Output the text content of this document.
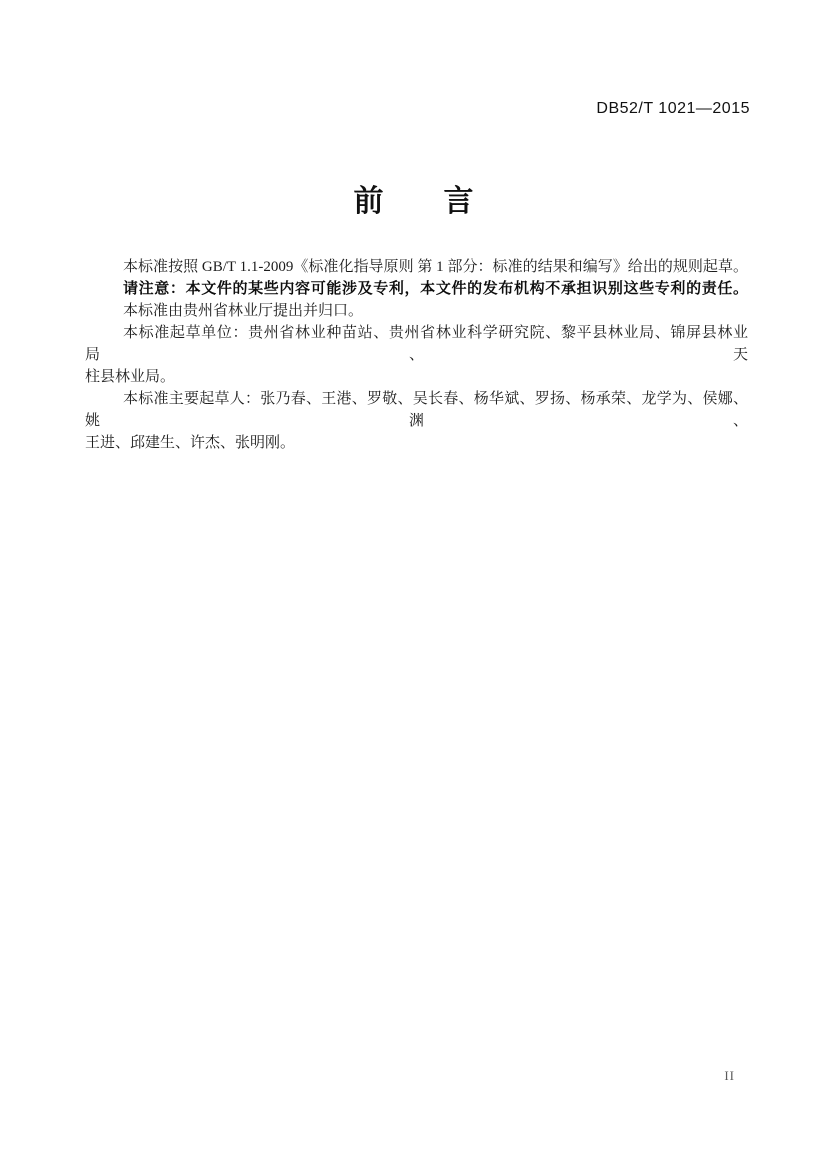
DB52/T 1021—2015
前　　言

本标准按照 GB/T 1.1-2009《标准化指导原则 第 1 部分：标准的结果和编写》给出的规则起草。

请注意：本文件的某些内容可能涉及专利，本文件的发布机构不承担识别这些专利的责任。

本标准由贵州省林业厅提出并归口。

本标准起草单位：贵州省林业种苗站、贵州省林业科学研究院、黎平县林业局、锦屏县林业局、天

柱县林业局。

本标准主要起草人：张乃春、王港、罗敬、吴长春、杨华斌、罗扬、杨承荣、龙学为、侯娜、姚渊、

王进、邱建生、许杰、张明刚。

II
